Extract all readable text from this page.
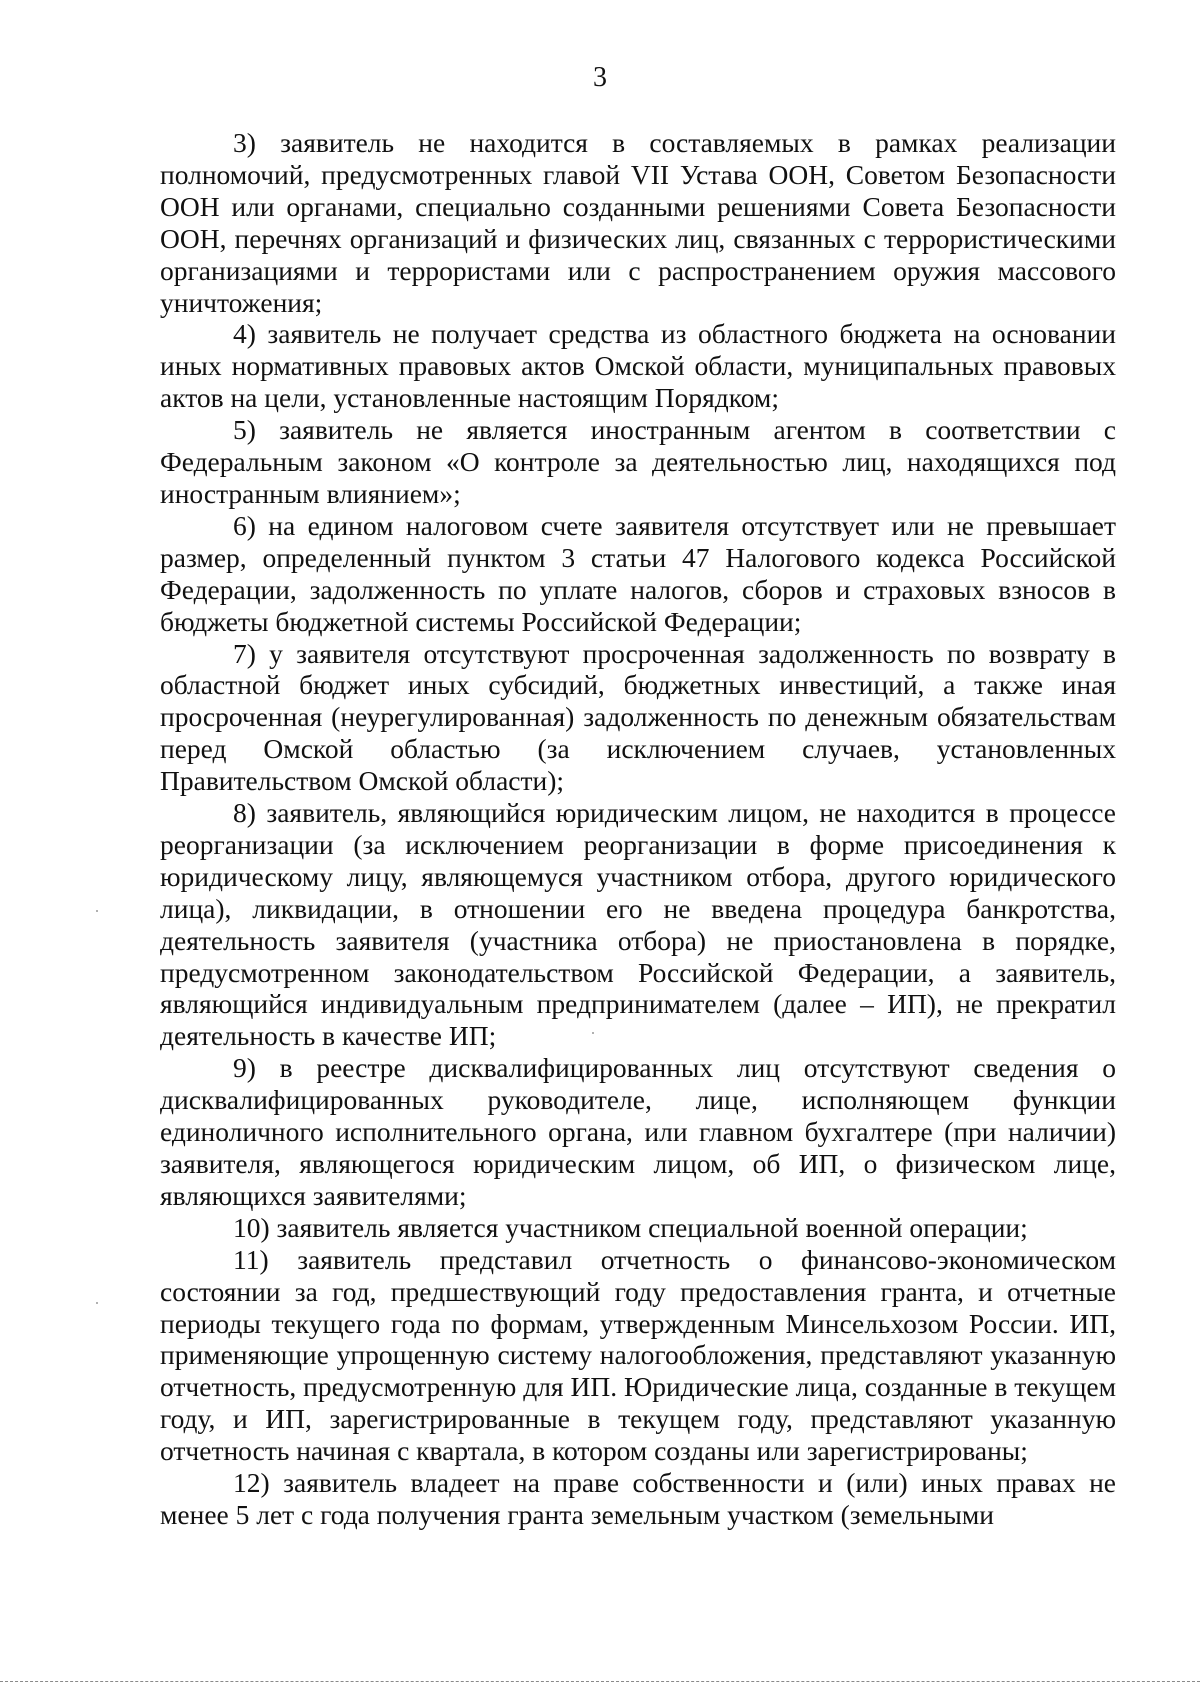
3

3) заявитель не находится в составляемых в рамках реализации полномочий, предусмотренных главой VII Устава ООН, Советом Безопасности ООН или органами, специально созданными решениями Совета Безопасности ООН, перечнях организаций и физических лиц, связанных с террористическими организациями и террористами или с распространением оружия массового уничтожения;

4) заявитель не получает средства из областного бюджета на основании иных нормативных правовых актов Омской области, муниципальных правовых актов на цели, установленные настоящим Порядком;

5) заявитель не является иностранным агентом в соответствии с Федеральным законом «О контроле за деятельностью лиц, находящихся под иностранным влиянием»;

6) на едином налоговом счете заявителя отсутствует или не превышает размер, определенный пунктом 3 статьи 47 Налогового кодекса Российской Федерации, задолженность по уплате налогов, сборов и страховых взносов в бюджеты бюджетной системы Российской Федерации;

7) у заявителя отсутствуют просроченная задолженность по возврату в областной бюджет иных субсидий, бюджетных инвестиций, а также иная просроченная (неурегулированная) задолженность по денежным обязательствам перед Омской областью (за исключением случаев, установленных Правительством Омской области);

8) заявитель, являющийся юридическим лицом, не находится в процессе реорганизации (за исключением реорганизации в форме присоединения к юридическому лицу, являющемуся участником отбора, другого юридического лица), ликвидации, в отношении его не введена процедура банкротства, деятельность заявителя (участника отбора) не приостановлена в порядке, предусмотренном законодательством Российской Федерации, а заявитель, являющийся индивидуальным предпринимателем (далее – ИП), не прекратил деятельность в качестве ИП;

9) в реестре дисквалифицированных лиц отсутствуют сведения о дисквалифицированных руководителе, лице, исполняющем функции единоличного исполнительного органа, или главном бухгалтере (при наличии) заявителя, являющегося юридическим лицом, об ИП, о физическом лице, являющихся заявителями;

10) заявитель является участником специальной военной операции;

11) заявитель представил отчетность о финансово-экономическом состоянии за год, предшествующий году предоставления гранта, и отчетные периоды текущего года по формам, утвержденным Минсельхозом России. ИП, применяющие упрощенную систему налогообложения, представляют указанную отчетность, предусмотренную для ИП. Юридические лица, созданные в текущем году, и ИП, зарегистрированные в текущем году, представляют указанную отчетность начиная с квартала, в котором созданы или зарегистрированы;

12) заявитель владеет на праве собственности и (или) иных правах не менее 5 лет с года получения гранта земельным участком (земельными
